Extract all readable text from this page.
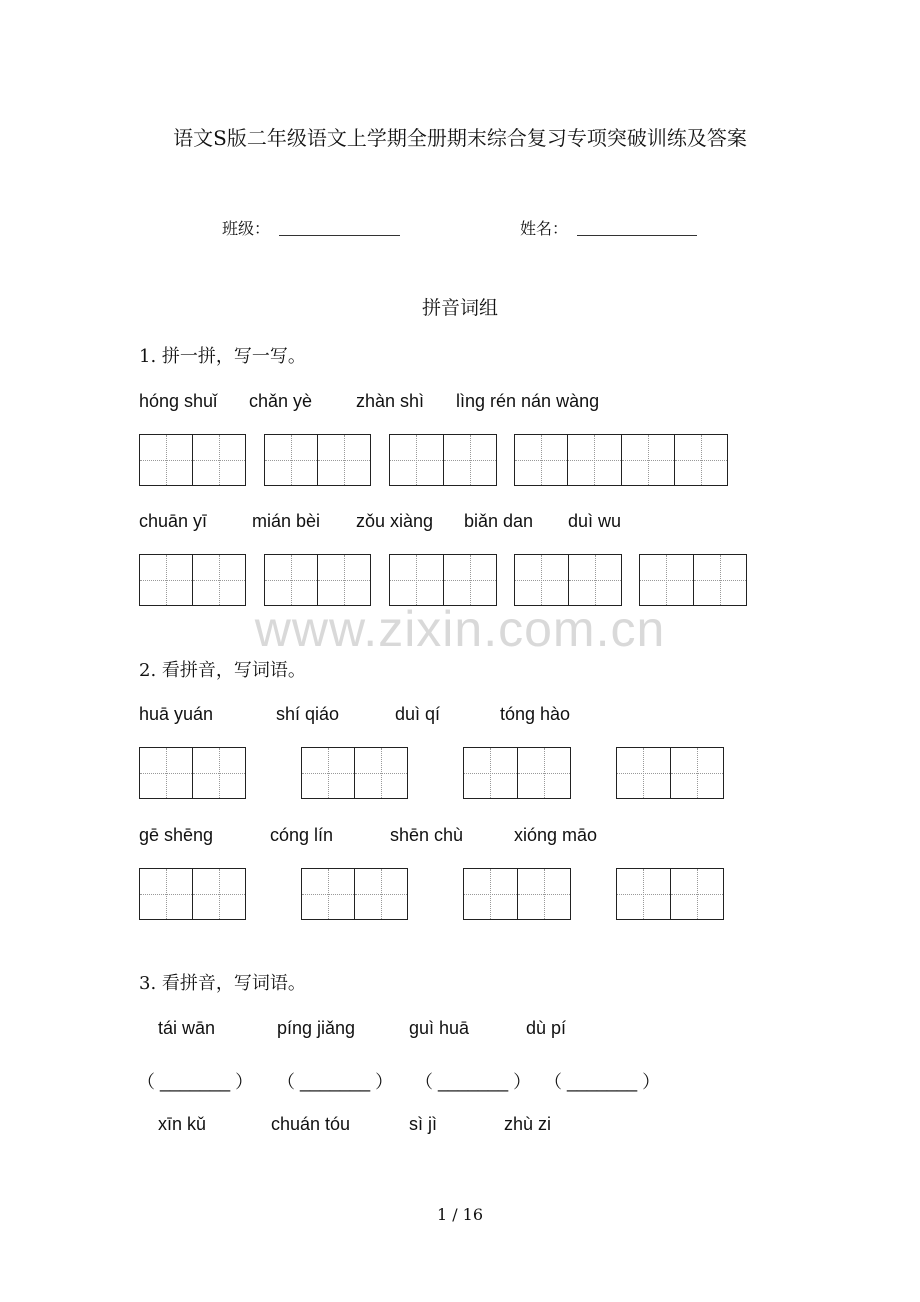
语文S版二年级语文上学期全册期末综合复习专项突破训练及答案
班级：	姓名：
拼音词组
1. 拼一拼，写一写。
hóng shuǐ chǎn yè zhàn shì lìng rén nán wàng
chuān yī mián bèi zǒu xiàng biǎn dan duì wu
www.zixin.com.cn
2. 看拼音，写词语。
huā yuán	shí qiáo	duì qí	tóng hào
gē shēng	cóng lín	shēn chù	xióng māo
3. 看拼音，写词语。
tái wān	píng jiǎng	guì huā	dù pí
（ _______ ） （ _______ ） （ _______ ） （ _______ ）
xīn kǔ	chuán tóu	sì jì	zhù zi
1 / 16
